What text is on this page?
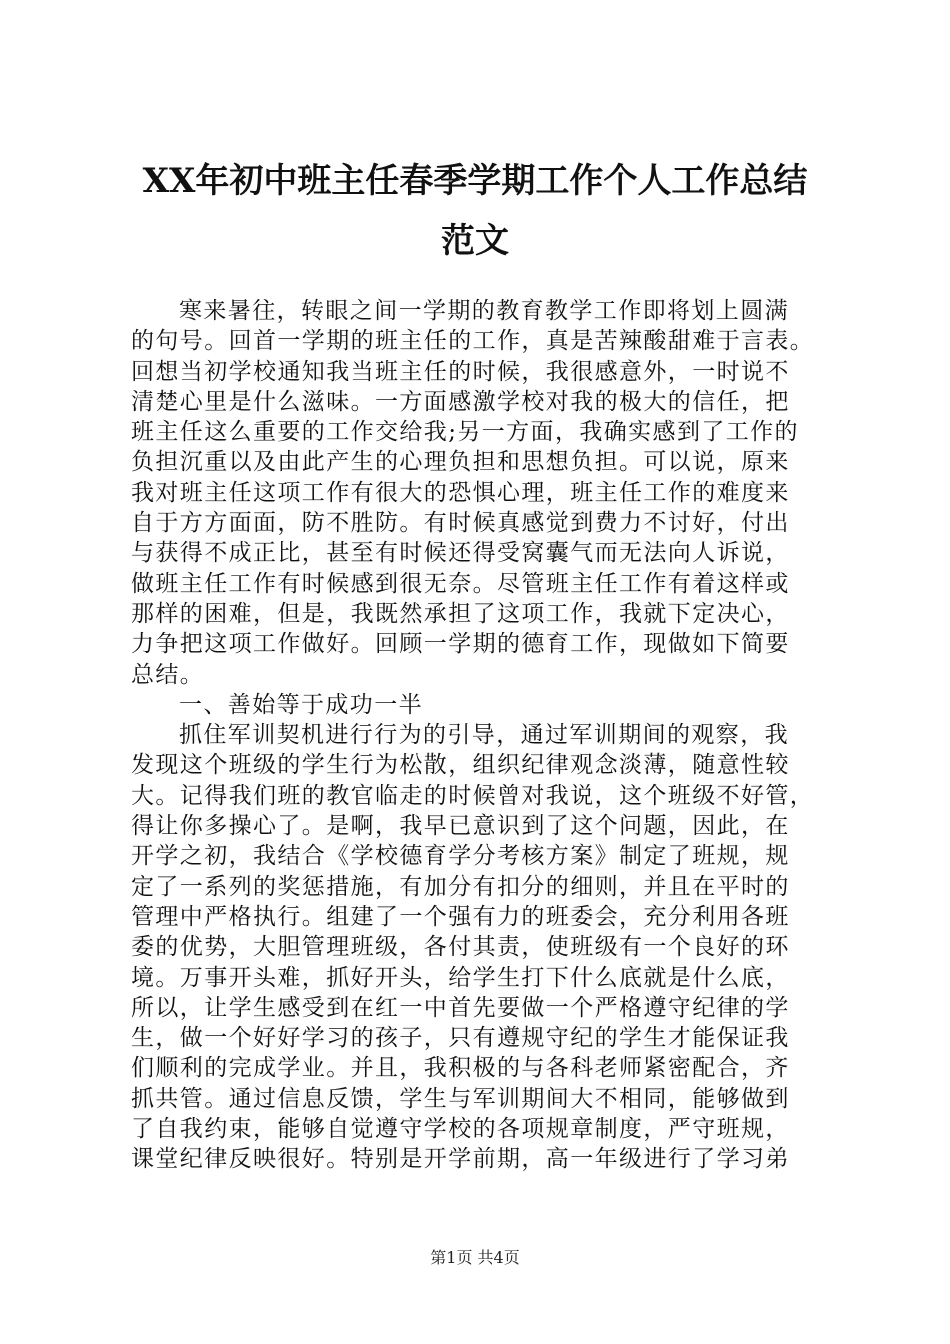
XX年初中班主任春季学期工作个人工作总结
范文
寒来暑往，转眼之间一学期的教育教学工作即将划上圆满
的句号。回首一学期的班主任的工作，真是苦辣酸甜难于言表。
回想当初学校通知我当班主任的时候，我很感意外，一时说不
清楚心里是什么滋味。一方面感激学校对我的极大的信任，把
班主任这么重要的工作交给我;另一方面，我确实感到了工作的
负担沉重以及由此产生的心理负担和思想负担。可以说，原来
我对班主任这项工作有很大的恐惧心理，班主任工作的难度来
自于方方面面，防不胜防。有时候真感觉到费力不讨好，付出
与获得不成正比，甚至有时候还得受窝囊气而无法向人诉说，
做班主任工作有时候感到很无奈。尽管班主任工作有着这样或
那样的困难，但是，我既然承担了这项工作，我就下定决心，
力争把这项工作做好。回顾一学期的德育工作，现做如下简要
总结。
一、善始等于成功一半
抓住军训契机进行行为的引导，通过军训期间的观察，我
发现这个班级的学生行为松散，组织纪律观念淡薄，随意性较
大。记得我们班的教官临走的时候曾对我说，这个班级不好管，
得让你多操心了。是啊，我早已意识到了这个问题，因此，在
开学之初，我结合《学校德育学分考核方案》制定了班规，规
定了一系列的奖惩措施，有加分有扣分的细则，并且在平时的
管理中严格执行。组建了一个强有力的班委会，充分利用各班
委的优势，大胆管理班级，各付其责，使班级有一个良好的环
境。万事开头难，抓好开头，给学生打下什么底就是什么底，
所以，让学生感受到在红一中首先要做一个严格遵守纪律的学
生，做一个好好学习的孩子，只有遵规守纪的学生才能保证我
们顺利的完成学业。并且，我积极的与各科老师紧密配合，齐
抓共管。通过信息反馈，学生与军训期间大不相同，能够做到
了自我约束，能够自觉遵守学校的各项规章制度，严守班规，
课堂纪律反映很好。特别是开学前期，高一年级进行了学习弟
第1页 共4页
